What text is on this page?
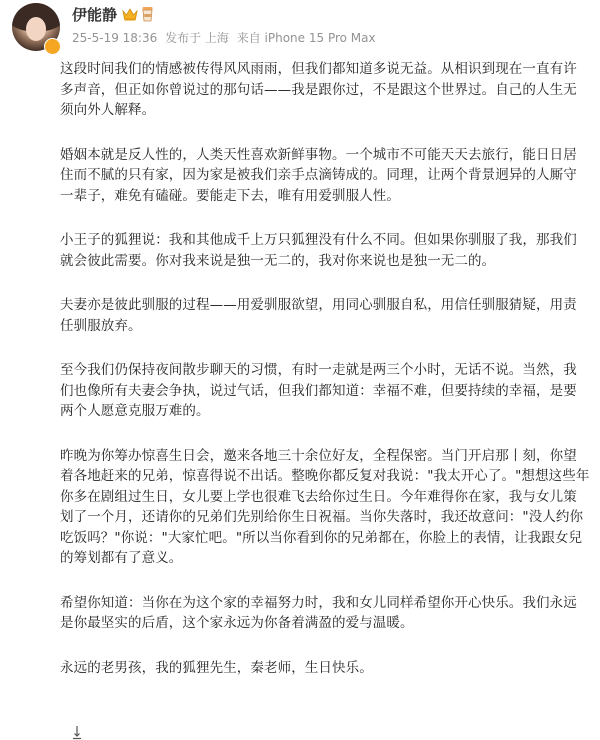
伊能静
25-5-19 18:36 发布于 上海 来自 iPhone 15 Pro Max

这段时间我们的情感被传得风风雨雨，但我们都知道多说无益。从相识到现在一直有许多声音，但正如你曾说过的那句话——我是跟你过，不是跟这个世界过。自己的人生无须向外人解释。

婚姻本就是反人性的，人类天性喜欢新鲜事物。一个城市不可能天天去旅行，能日日居住而不腻的只有家，因为家是被我们亲手点滴铸成的。同理，让两个背景迥异的人厮守一辈子，难免有磕碰。要能走下去，唯有用爱驯服人性。

小王子的狐狸说：我和其他成千上万只狐狸没有什么不同。但如果你驯服了我，那我们就会彼此需要。你对我来说是独一无二的，我对你来说也是独一无二的。

夫妻亦是彼此驯服的过程——用爱驯服欲望，用同心驯服自私，用信任驯服猜疑，用责任驯服放弃。

至今我们仍保持夜间散步聊天的习惯，有时一走就是两三个小时，无话不说。当然，我们也像所有夫妻会争执，说过气话，但我们都知道：幸福不难，但要持续的幸福，是要两个人愿意克服万难的。

昨晚为你筹办惊喜生日会，邀来各地三十余位好友，全程保密。当门开启那丨刻，你望着各地赶来的兄弟，惊喜得说不出话。整晚你都反复对我说："我太开心了。"想想这些年你多在剧组过生日，女儿要上学也很难飞去给你过生日。今年难得你在家，我与女儿策划了一个月，还请你的兄弟们先别给你生日祝福。当你失落时，我还故意问："没人约你吃饭吗？"你说："大家忙吧。"所以当你看到你的兄弟都在，你脸上的表情，让我跟女兒的筹划都有了意义。

希望你知道：当你在为这个家的幸福努力时，我和女儿同样希望你开心快乐。我们永远是你最坚实的后盾，这个家永远为你备着满盈的爱与温暖。

永远的老男孩，我的狐狸先生，秦老师，生日快乐。
